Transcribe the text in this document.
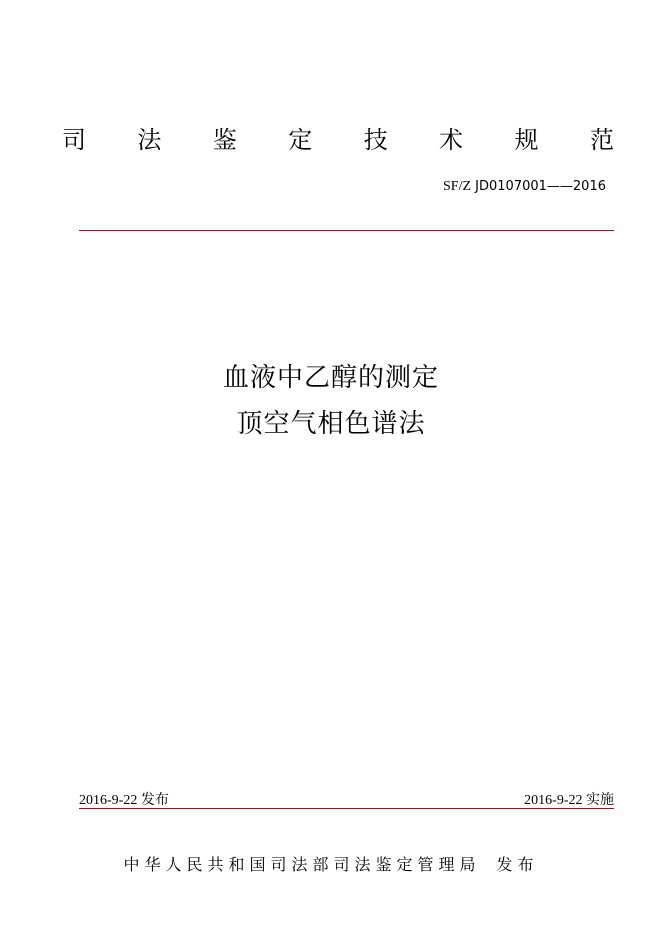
司 法 鉴 定 技 术 规 范
SF/Z JD0107001——2016
血液中乙醇的测定
顶空气相色谱法
2016-9-22 发布	2016-9-22 实施
中华人民共和国司法部司法鉴定管理局 发布
